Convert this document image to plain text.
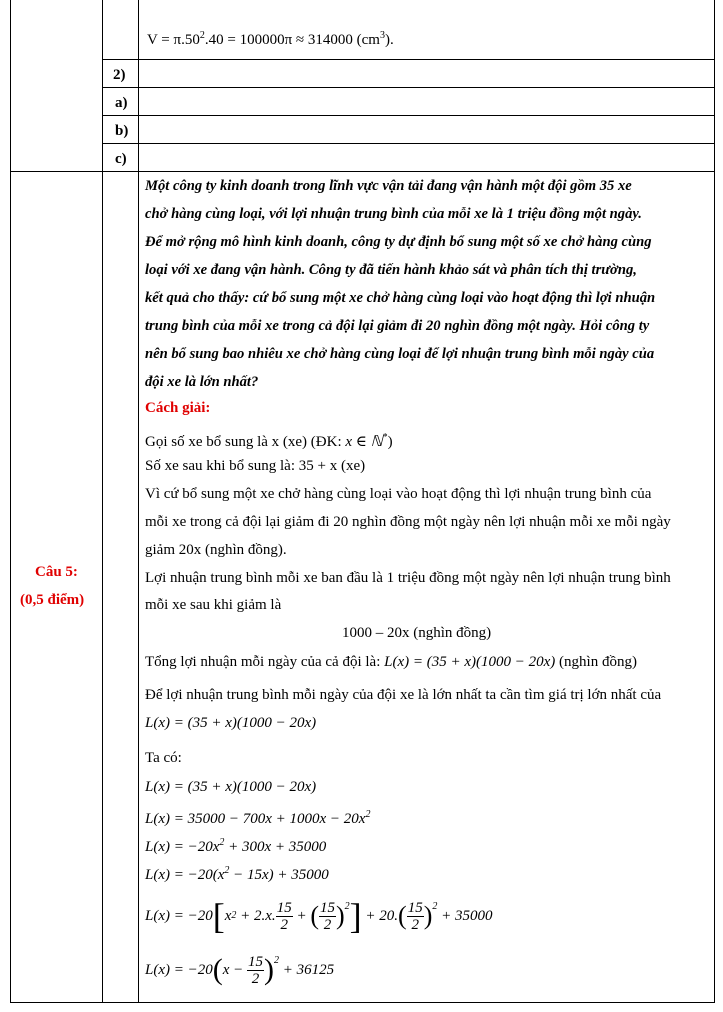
$V = \pi.50^2.40 = 100000\pi \approx 314000$ $(cm^3)$.
2)
a)
b)
c)
Câu 5:
(0,5 điểm)
Một công ty kinh doanh trong lĩnh vực vận tải đang vận hành một đội gồm 35 xe
chở hàng cùng loại, với lợi nhuận trung bình của mỗi xe là 1 triệu đồng một ngày.
Để mở rộng mô hình kinh doanh, công ty dự định bổ sung một số xe chở hàng cùng
loại với xe đang vận hành. Công ty đã tiến hành khảo sát và phân tích thị trường,
kết quả cho thấy: cứ bổ sung một xe chở hàng cùng loại vào hoạt động thì lợi nhuận
trung bình của mỗi xe trong cả đội lại giảm đi 20 nghìn đồng một ngày. Hỏi công ty
nên bổ sung bao nhiêu xe chở hàng cùng loại để lợi nhuận trung bình mỗi ngày của
đội xe là lớn nhất?
Cách giải:
Gọi số xe bổ sung là x (xe) (ĐK: x ∈ ℕ*)
Số xe sau khi bổ sung là: 35 + x (xe)
Vì cứ bổ sung một xe chở hàng cùng loại vào hoạt động thì lợi nhuận trung bình của
mỗi xe trong cả đội lại giảm đi 20 nghìn đồng một ngày nên lợi nhuận mỗi xe mỗi ngày
giảm 20x (nghìn đồng).
Lợi nhuận trung bình mỗi xe ban đầu là 1 triệu đồng một ngày nên lợi nhuận trung bình
mỗi xe sau khi giảm là
1000 – 20x (nghìn đồng)
Tổng lợi nhuận mỗi ngày của cả đội là: L(x) = (35 + x)(1000 − 20x) (nghìn đồng)
Để lợi nhuận trung bình mỗi ngày của đội xe là lớn nhất ta cần tìm giá trị lớn nhất của
L(x) = (35 + x)(1000 − 20x)
Ta có:
L(x) = (35 + x)(1000 − 20x)
$L(x) = 35000 - 700x + 1000x - 20x^2$
$L(x) = -20x^2 + 300x + 35000$
$L(x) = -20(x^2 - 15x) + 35000$
L(x) = −20 [ x 2 + 2.x. $\frac{15}{2}$ + ( $\frac{15}{2} )^2$ ] + 20. ( $\frac{15}{2} )^2$
+ 35000
L(x) = −20 ( x −
$\frac{15}{2} )^2$
+ 36125
